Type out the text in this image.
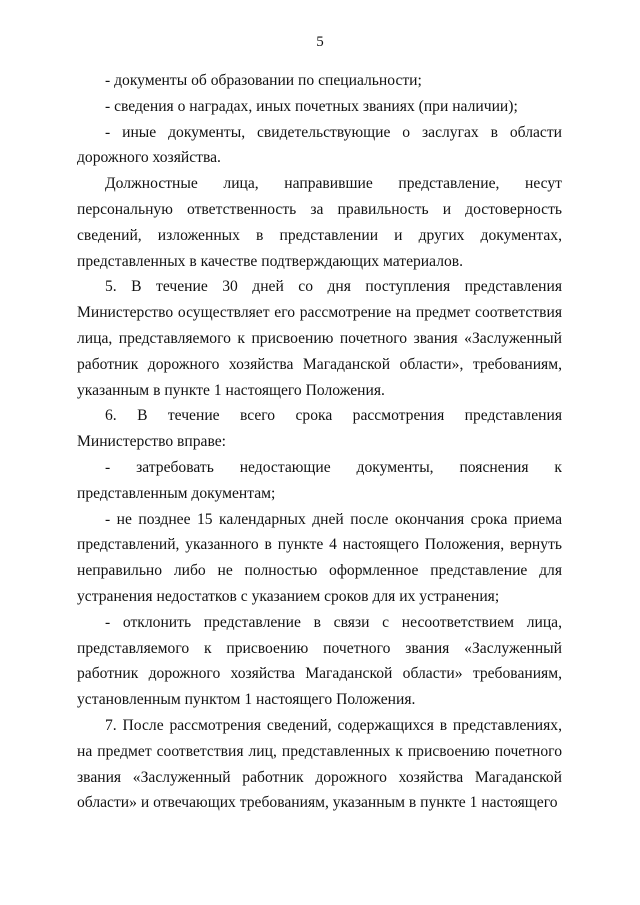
5

- документы об образовании по специальности;

- сведения о наградах, иных почетных званиях (при наличии);

- иные документы, свидетельствующие о заслугах в области дорожного хозяйства.

Должностные лица, направившие представление, несут персональную ответственность за правильность и достоверность сведений, изложенных в представлении и других документах, представленных в качестве подтверждающих материалов.

5. В течение 30 дней со дня поступления представления Министерство осуществляет его рассмотрение на предмет соответствия лица, представляемого к присвоению почетного звания «Заслуженный работник дорожного хозяйства Магаданской области», требованиям, указанным в пункте 1 настоящего Положения.

6. В течение всего срока рассмотрения представления Министерство вправе:

- затребовать недостающие документы, пояснения к представленным документам;

- не позднее 15 календарных дней после окончания срока приема представлений, указанного в пункте 4 настоящего Положения, вернуть неправильно либо не полностью оформленное представление для устранения недостатков с указанием сроков для их устранения;

- отклонить представление в связи с несоответствием лица, представляемого к присвоению почетного звания «Заслуженный работник дорожного хозяйства Магаданской области» требованиям, установленным пунктом 1 настоящего Положения.

7. После рассмотрения сведений, содержащихся в представлениях, на предмет соответствия лиц, представленных к присвоению почетного звания «Заслуженный работник дорожного хозяйства Магаданской области» и отвечающих требованиям, указанным в пункте 1 настоящего
